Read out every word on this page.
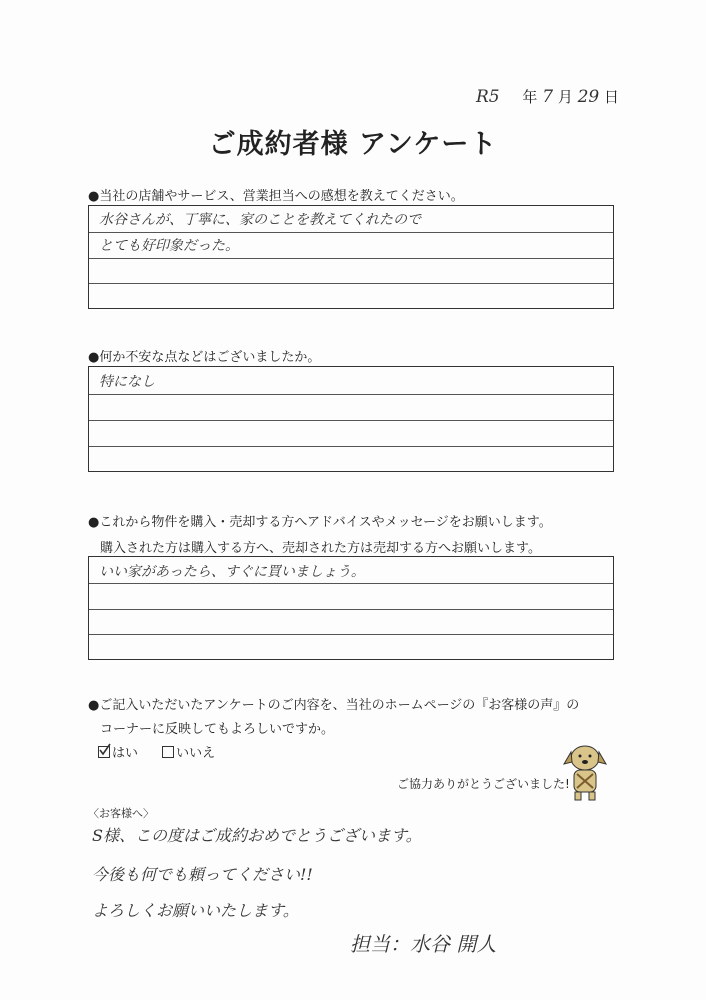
R5 年 7 月 29 日
ご成約者様 アンケート
●当社の店舗やサービス、営業担当への感想を教えてください。
水谷さんが、丁寧に、家のことを教えてくれたので
とても好印象だった。
●何か不安な点などはございましたか。
特になし
●これから物件を購入・売却する方へアドバイスやメッセージをお願いします。
購入された方は購入する方へ、売却された方は売却する方へお願いします。
いい家があったら、すぐに買いましょう。
●ご記入いただいたアンケートのご内容を、当社のホームページの『お客様の声』の
コーナーに反映してもよろしいですか。
はい	いいえ
ご協力ありがとうございました!
〈お客様へ〉
S様、この度はご成約おめでとうございます。
今後も何でも頼ってください!!
よろしくお願いいたします。
担当：水谷 開人
